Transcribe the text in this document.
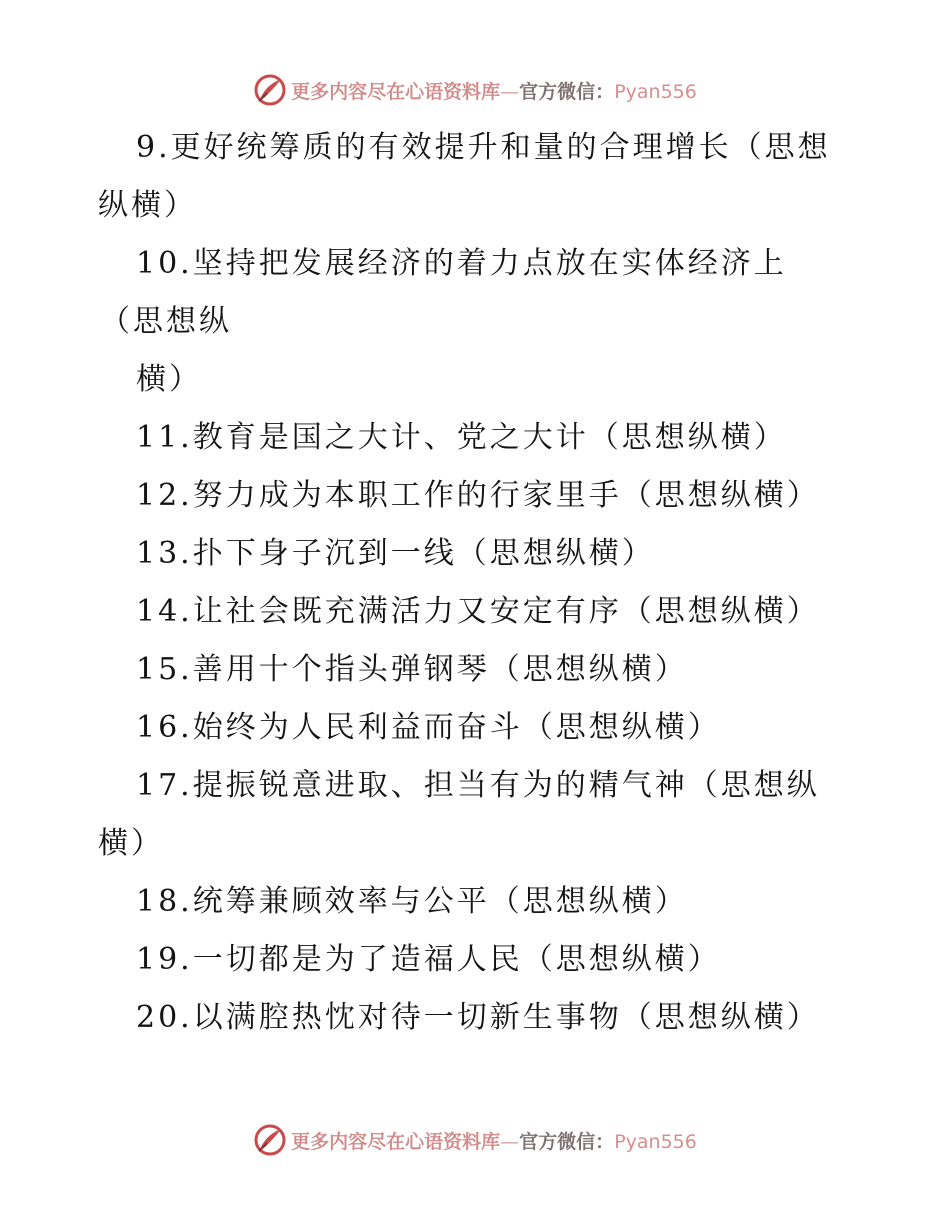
更多内容尽在心语资料库—官方微信：Pyan556
9.更好统筹质的有效提升和量的合理增长（思想
纵横）
10.坚持把发展经济的着力点放在实体经济上
（思想纵
横）
11.教育是国之大计、党之大计（思想纵横）
12.努力成为本职工作的行家里手（思想纵横）
13.扑下身子沉到一线（思想纵横）
14.让社会既充满活力又安定有序（思想纵横）
15.善用十个指头弹钢琴（思想纵横）
16.始终为人民利益而奋斗（思想纵横）
17.提振锐意进取、担当有为的精气神（思想纵
横）
18.统筹兼顾效率与公平（思想纵横）
19.一切都是为了造福人民（思想纵横）
20.以满腔热忱对待一切新生事物（思想纵横）
更多内容尽在心语资料库—官方微信：Pyan556
